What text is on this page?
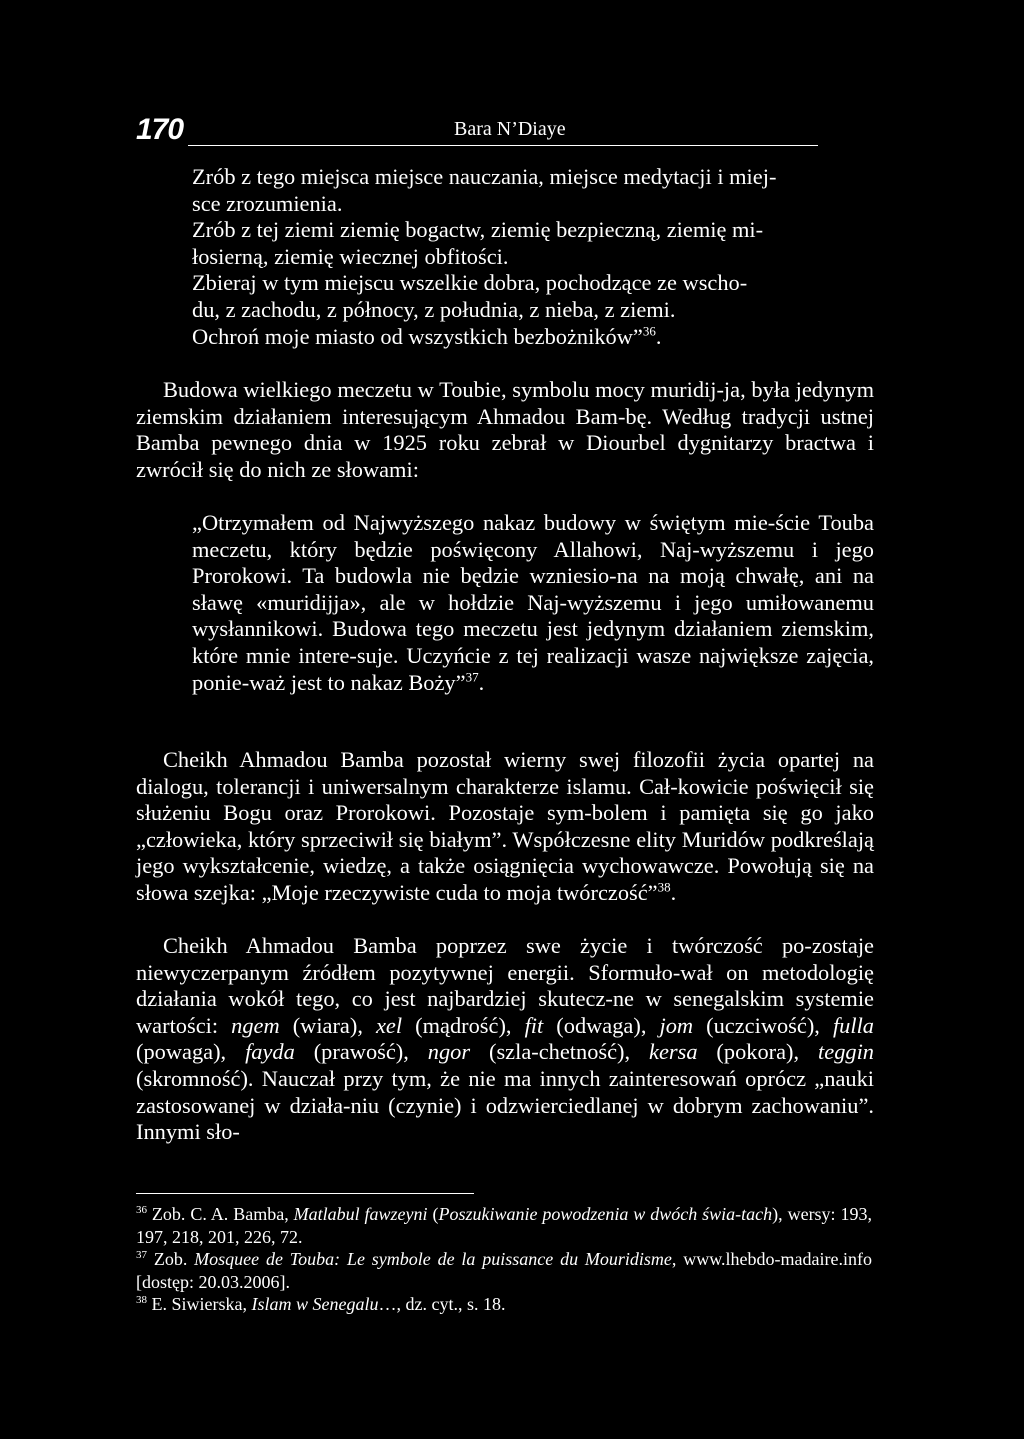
170	Bara N’Diaye

Zrób z tego miejsca miejsce nauczania, miejsce medytacji i miej-

sce zrozumienia.

Zrób z tej ziemi ziemię bogactw, ziemię bezpieczną, ziemię mi-

łosierną, ziemię wiecznej obfitości.

Zbieraj w tym miejscu wszelkie dobra, pochodzące ze wscho-

du, z zachodu, z północy, z południa, z nieba, z ziemi.

Ochroń moje miasto od wszystkich bezbożników”$^{36}$.

Budowa wielkiego meczetu w Toubie, symbolu mocy muridij-ja, była jedynym ziemskim działaniem interesującym Ahmadou Bam-bę. Według tradycji ustnej Bamba pewnego dnia w 1925 roku zebrał w Diourbel dygnitarzy bractwa i zwrócił się do nich ze słowami:

„Otrzymałem od Najwyższego nakaz budowy w świętym mie-ście Touba meczetu, który będzie poświęcony Allahowi, Naj-wyższemu i jego Prorokowi. Ta budowla nie będzie wzniesio-na na moją chwałę, ani na sławę «muridijja», ale w hołdzie Naj-wyższemu i jego umiłowanemu wysłannikowi. Budowa tego meczetu jest jedynym działaniem ziemskim, które mnie intere-suje. Uczyńcie z tej realizacji wasze największe zajęcia, ponie-waż jest to nakaz Boży”$^{37}$.

Cheikh Ahmadou Bamba pozostał wierny swej filozofii życia opartej na dialogu, tolerancji i uniwersalnym charakterze islamu. Cał-kowicie poświęcił się służeniu Bogu oraz Prorokowi. Pozostaje sym-bolem i pamięta się go jako „człowieka, który sprzeciwił się białym”. Współczesne elity Muridów podkreślają jego wykształcenie, wiedzę, a także osiągnięcia wychowawcze. Powołują się na słowa szejka: „Moje rzeczywiste cuda to moja twórczość”$^{38}$.

Cheikh Ahmadou Bamba poprzez swe życie i twórczość po-zostaje niewyczerpanym źródłem pozytywnej energii. Sformuło-wał on metodologię działania wokół tego, co jest najbardziej skutecz-ne w senegalskim systemie wartości: ngem (wiara), xel (mądrość), fit (odwaga), jom (uczciwość), fulla (powaga), fayda (prawość), ngor (szla-chetność), kersa (pokora), teggin (skromność). Nauczał przy tym, że nie ma innych zainteresowań oprócz „nauki zastosowanej w działa-niu (czynie) i odzwierciedlanej w dobrym zachowaniu”. Innymi sło-

$^{36}$ Zob. C. A. Bamba, Matlabul fawzeyni (Poszukiwanie powodzenia w dwóch świa-tach), wersy: 193, 197, 218, 201, 226, 72.

$^{37}$ Zob. Mosquee de Touba: Le symbole de la puissance du Mouridisme, www.lhebdo-madaire.info [dostęp: 20.03.2006].

$^{38}$ E. Siwierska, Islam w Senegalu…, dz. cyt., s. 18.
